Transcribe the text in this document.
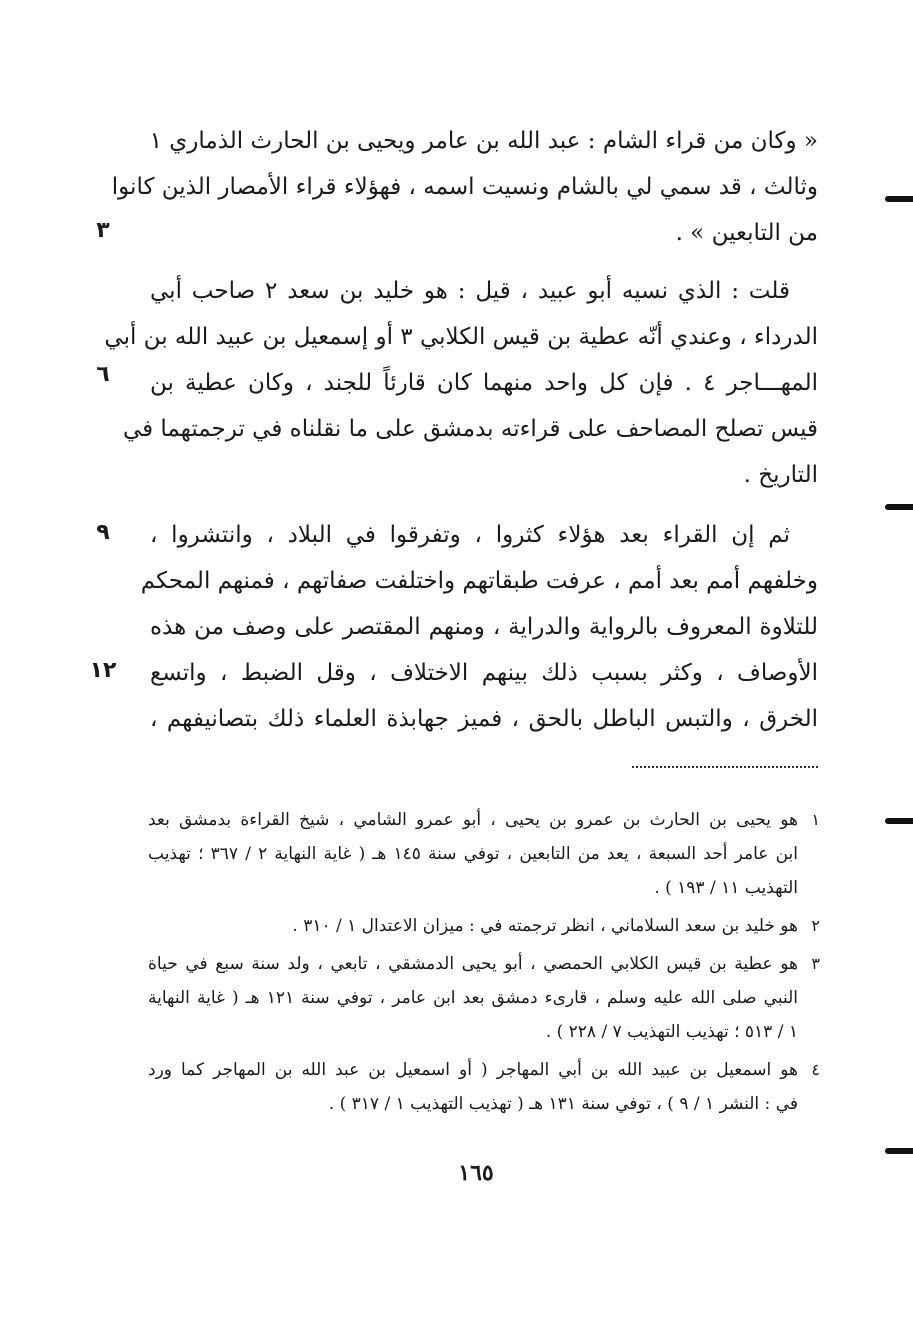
« وكان من قراء الشام : عبد الله بن عامر ويحيى بن الحارث الذماري ١
وثالث ، قد سمي لي بالشام ونسيت اسمه ، فهؤلاء قراء الأمصار الذين كانوا
من التابعين » .
قلت : الذي نسيه أبو عبيد ، قيل : هو خليد بن سعد ٢ صاحب أبي
الدرداء ، وعندي أنّه عطية بن قيس الكلابي ٣ أو إسمعيل بن عبيد الله بن أبي
المهـــاجر ٤ . فإن كل واحد منهما كان قارئاً للجند ، وكان عطية بن
قيس تصلح المصاحف على قراءته بدمشق على ما نقلناه في ترجمتهما في
التاريخ .
ثم إن القراء بعد هؤلاء كثروا ، وتفرقوا في البلاد ، وانتشروا ،
وخلفهم أمم بعد أمم ، عرفت طبقاتهم واختلفت صفاتهم ، فمنهم المحكم
للتلاوة المعروف بالرواية والدراية ، ومنهم المقتصر على وصف من هذه
الأوصاف ، وكثر بسبب ذلك بينهم الاختلاف ، وقل الضبط ، واتسع
الخرق ، والتبس الباطل بالحق ، فميز جهابذة العلماء ذلك بتصانيفهم ،
٣
٦
٩
١٢
١
هو يحيى بن الحارث بن عمرو بن يحيى ، أبو عمرو الشامي ، شيخ القراءة بدمشق بعد
ابن عامر أحد السبعة ، يعد من التابعين ، توفي سنة ١٤٥ هـ ( غاية النهاية ٢ / ٣٦٧ ؛ تهذيب
التهذيب ١١ / ١٩٣ ) .
٢
هو خليد بن سعد السلاماني ، انظر ترجمته في : ميزان الاعتدال ١ / ٣١٠ .
٣
هو عطية بن قيس الكلابي الحمصي ، أبو يحيى الدمشقي ، تابعي ، ولد سنة سبع في حياة
النبي صلى الله عليه وسلم ، قارىء دمشق بعد ابن عامر ، توفي سنة ١٢١ هـ ( غاية النهاية
١ / ٥١٣ ؛ تهذيب التهذيب ٧ / ٢٢٨ ) .
٤
هو اسمعيل بن عبيد الله بن أبي المهاجر ( أو اسمعيل بن عبد الله بن المهاجر كما ورد
في : النشر ١ / ٩ ) ، توفي سنة ١٣١ هـ ( تهذيب التهذيب ١ / ٣١٧ ) .
١٦٥
